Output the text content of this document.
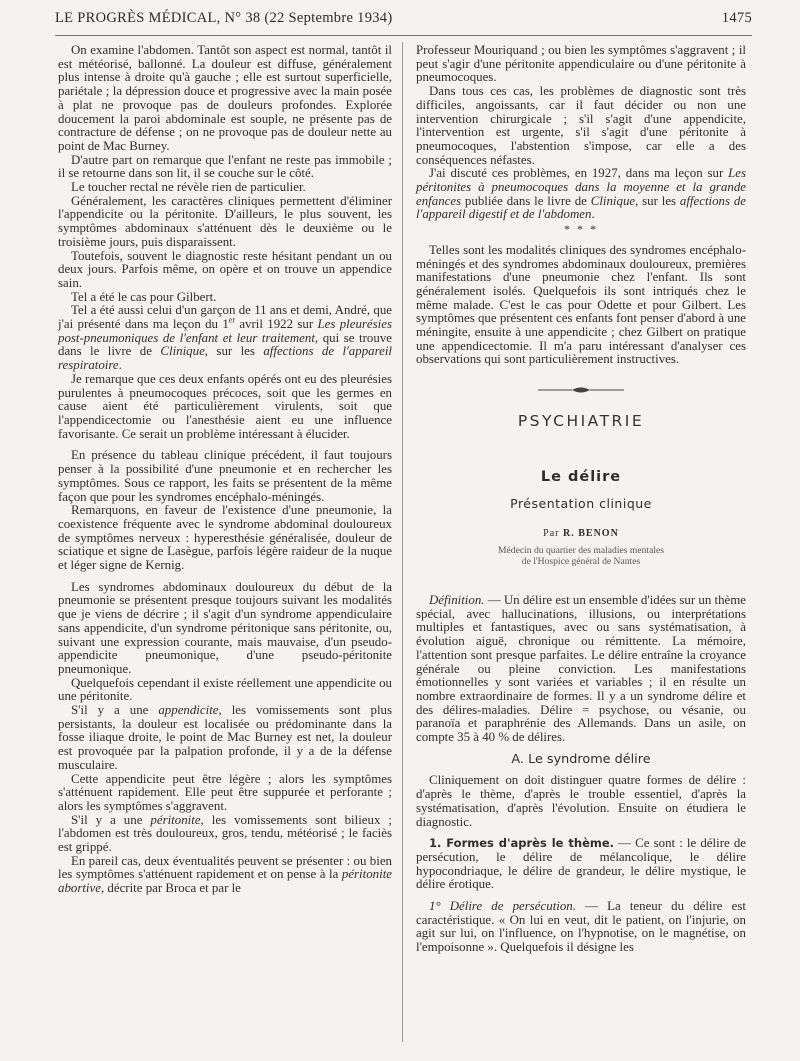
LE PROGRÈS MÉDICAL, N° 38 (22 Septembre 1934)	1475

On examine l'abdomen. Tantôt son aspect est normal, tantôt il est météorisé, ballonné. La douleur est diffuse, généralement plus intense à droite qu'à gauche ; elle est surtout superficielle, pariétale ; la dépression douce et progressive avec la main posée à plat ne provoque pas de douleurs profondes. Explorée doucement la paroi abdominale est souple, ne présente pas de contracture de défense ; on ne provoque pas de douleur nette au point de Mac Burney.

D'autre part on remarque que l'enfant ne reste pas immobile ; il se retourne dans son lit, il se couche sur le côté.

Le toucher rectal ne révèle rien de particulier.

Généralement, les caractères cliniques permettent d'éliminer l'appendicite ou la péritonite. D'ailleurs, le plus souvent, les symptômes abdominaux s'atténuent dès le deuxième ou le troisième jours, puis disparaissent.

Toutefois, souvent le diagnostic reste hésitant pendant un ou deux jours. Parfois même, on opère et on trouve un appendice sain.

Tel a été le cas pour Gilbert.

Tel a été aussi celui d'un garçon de 11 ans et demi, André, que j'ai présenté dans ma leçon du 1er avril 1922 sur Les pleurésies post-pneumoniques de l'enfant et leur traitement, qui se trouve dans le livre de Clinique, sur les affections de l'appareil respiratoire.

Je remarque que ces deux enfants opérés ont eu des pleurésies purulentes à pneumocoques précoces, soit que les germes en cause aient été particulièrement virulents, soit que l'appendicectomie ou l'anesthésie aient eu une influence favorisante. Ce serait un problème intéressant à élucider.

En présence du tableau clinique précédent, il faut toujours penser à la possibilité d'une pneumonie et en rechercher les symptômes. Sous ce rapport, les faits se présentent de la même façon que pour les syndromes encéphalo-méningés.

Remarquons, en faveur de l'existence d'une pneumonie, la coexistence fréquente avec le syndrome abdominal douloureux de symptômes nerveux : hyperesthésie généralisée, douleur de sciatique et signe de Lasègue, parfois légère raideur de la nuque et léger signe de Kernig.

Les syndromes abdominaux douloureux du début de la pneumonie se présentent presque toujours suivant les modalités que je viens de décrire ; il s'agit d'un syndrome appendiculaire sans appendicite, d'un syndrome péritonique sans péritonite, ou, suivant une expression courante, mais mauvaise, d'un pseudo-appendicite pneumonique, d'une pseudo-péritonite pneumonique.

Quelquefois cependant il existe réellement une appendicite ou une péritonite.

S'il y a une appendicite, les vomissements sont plus persistants, la douleur est localisée ou prédominante dans la fosse iliaque droite, le point de Mac Burney est net, la douleur est provoquée par la palpation profonde, il y a de la défense musculaire.

Cette appendicite peut être légère ; alors les symptômes s'atténuent rapidement. Elle peut être suppurée et perforante ; alors les symptômes s'aggravent.

S'il y a une péritonite, les vomissements sont bilieux ; l'abdomen est très douloureux, gros, tendu, météorisé ; le faciès est grippé.

En pareil cas, deux éventualités peuvent se présenter : ou bien les symptômes s'atténuent rapidement et on pense à la péritonite abortive, décrite par Broca et par le

Professeur Mouriquand ; ou bien les symptômes s'aggravent ; il peut s'agir d'une péritonite appendiculaire ou d'une péritonite à pneumocoques.

Dans tous ces cas, les problèmes de diagnostic sont très difficiles, angoissants, car il faut décider ou non une intervention chirurgicale ; s'il s'agit d'une appendicite, l'intervention est urgente, s'il s'agit d'une péritonite à pneumocoques, l'abstention s'impose, car elle a des conséquences néfastes.

J'ai discuté ces problèmes, en 1927, dans ma leçon sur Les péritonites à pneumocoques dans la moyenne et la grande enfances publiée dans le livre de Clinique, sur les affections de l'appareil digestif et de l'abdomen.

* * *

Telles sont les modalités cliniques des syndromes encéphalo-méningés et des syndromes abdominaux douloureux, premières manifestations d'une pneumonie chez l'enfant. Ils sont généralement isolés. Quelquefois ils sont intriqués chez le même malade. C'est le cas pour Odette et pour Gilbert. Les symptômes que présentent ces enfants font penser d'abord à une méningite, ensuite à une appendicite ; chez Gilbert on pratique une appendicectomie. Il m'a paru intéressant d'analyser ces observations qui sont particulièrement instructives.

PSYCHIATRIE
Le délire
Présentation clinique
Par R. BENON
Médecin du quartier des maladies mentales
de l'Hospice général de Nantes

Définition. — Un délire est un ensemble d'idées sur un thème spécial, avec hallucinations, illusions, ou interprétations multiples et fantastiques, avec ou sans systématisation, à évolution aiguë, chronique ou rémittente. La mémoire, l'attention sont presque parfaites. Le délire entraîne la croyance générale ou pleine conviction. Les manifestations émotionnelles y sont variées et variables ; il en résulte un nombre extraordinaire de formes. Il y a un syndrome délire et des délires-maladies. Délire = psychose, ou vésanie, ou paranoïa et paraphrénie des Allemands. Dans un asile, on compte 35 à 40 % de délires.

A. Le syndrome délire

Cliniquement on doit distinguer quatre formes de délire : d'après le thème, d'après le trouble essentiel, d'après la systématisation, d'après l'évolution. Ensuite on étudiera le diagnostic.

1. Formes d'après le thème. — Ce sont : le délire de persécution, le délire de mélancolique, le délire hypocondriaque, le délire de grandeur, le délire mystique, le délire érotique.

1° Délire de persécution. — La teneur du délire est caractéristique. « On lui en veut, dit le patient, on l'injurie, on agit sur lui, on l'influence, on l'hypnotise, on le magnétise, on l'empoisonne ». Quelquefois il désigne les
